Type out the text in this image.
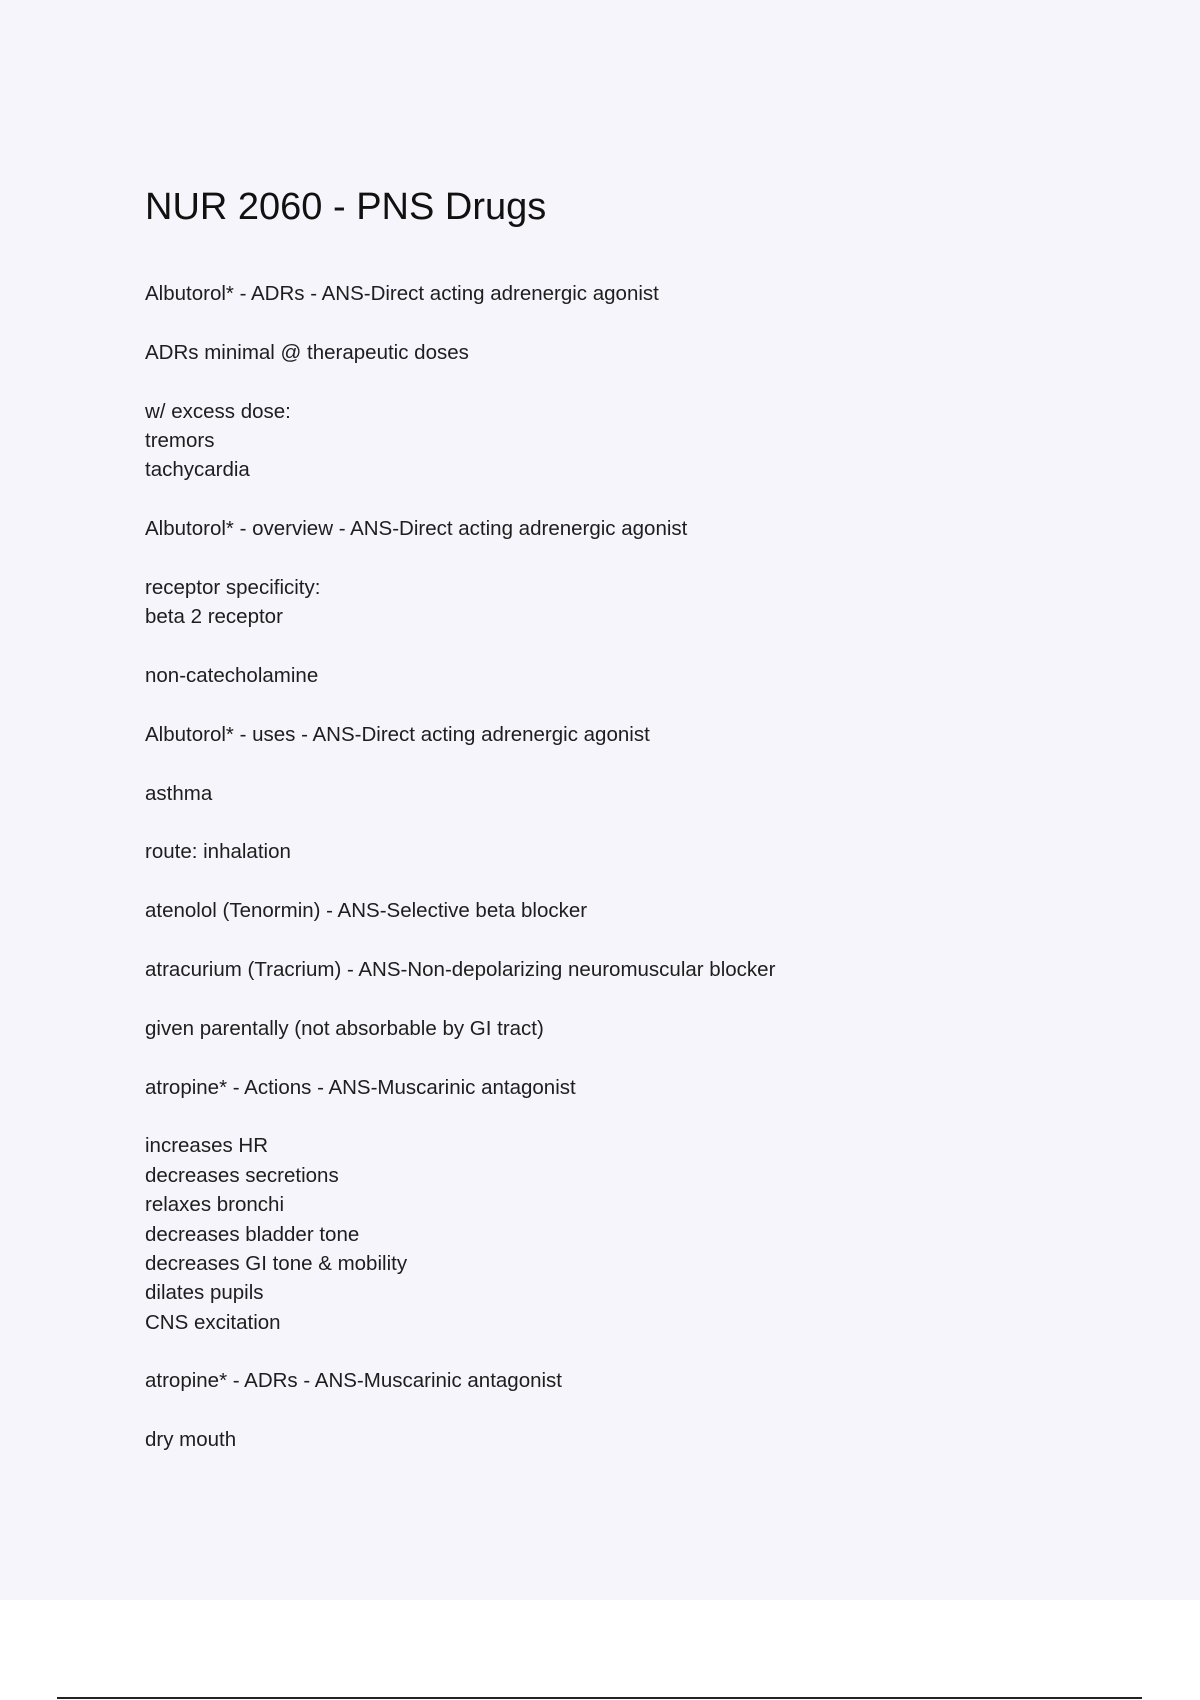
NUR 2060 - PNS Drugs
Albutorol* - ADRs - ANS-Direct acting adrenergic agonist
ADRs minimal @ therapeutic doses
w/ excess dose:
tremors
tachycardia
Albutorol* - overview - ANS-Direct acting adrenergic agonist
receptor specificity:
beta 2 receptor
non-catecholamine
Albutorol* - uses - ANS-Direct acting adrenergic agonist
asthma
route: inhalation
atenolol (Tenormin) - ANS-Selective beta blocker
atracurium (Tracrium) - ANS-Non-depolarizing neuromuscular blocker
given parentally (not absorbable by GI tract)
atropine* - Actions - ANS-Muscarinic antagonist
increases HR
decreases secretions
relaxes bronchi
decreases bladder tone
decreases GI tone & mobility
dilates pupils
CNS excitation
atropine* - ADRs - ANS-Muscarinic antagonist
dry mouth
